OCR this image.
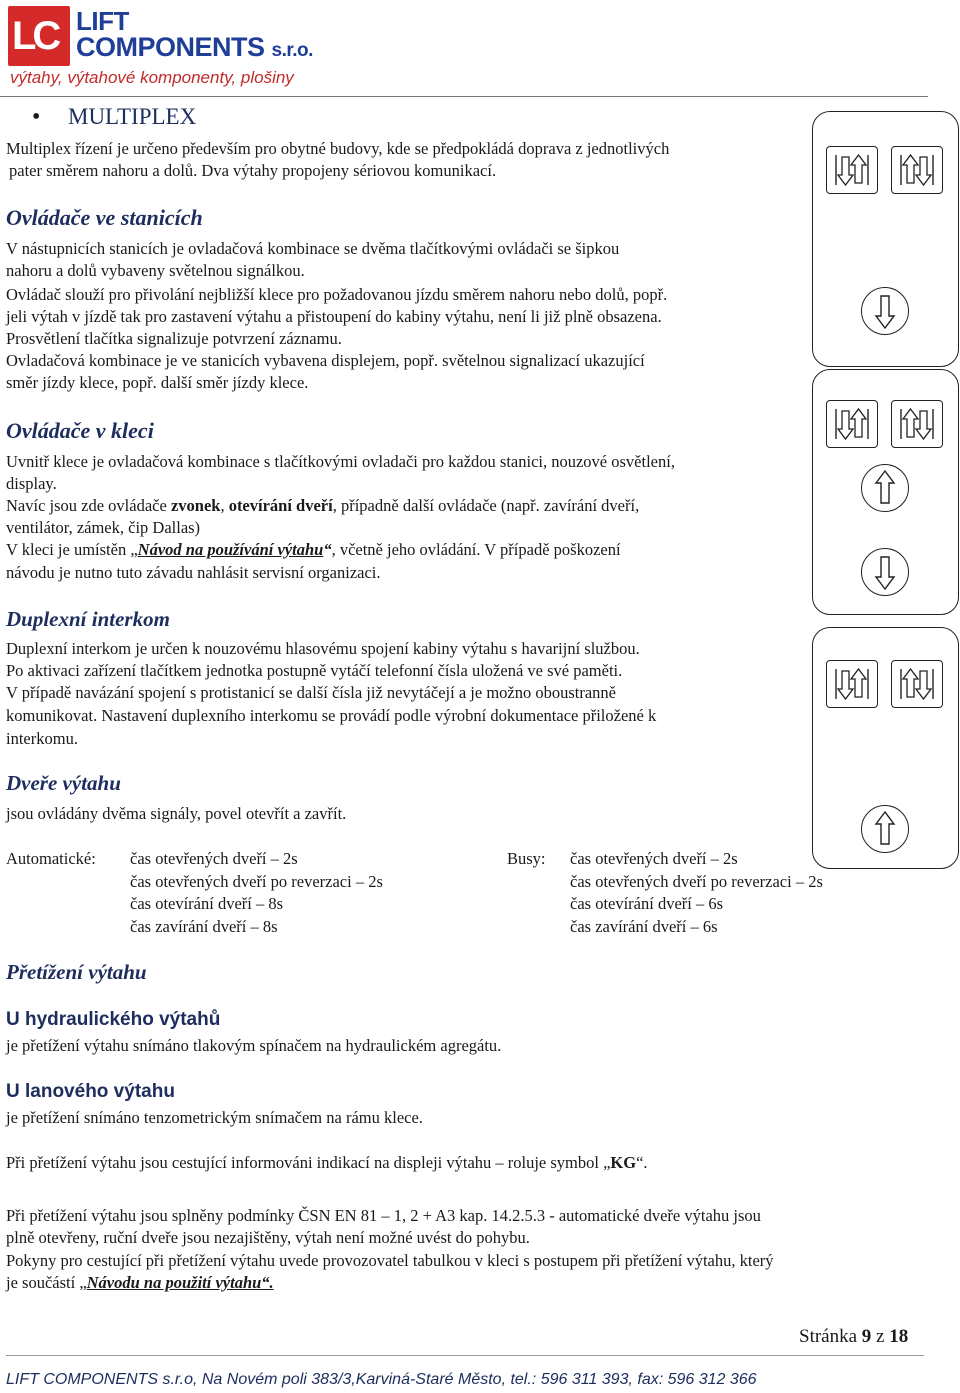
LC LIFT
COMPONENTS s.r.o.
výtahy, výtahové komponenty, plošiny
• MULTIPLEX

Multiplex řízení je určeno především pro obytné budovy, kde se předpokládá doprava z jednotlivých

pater směrem nahoru a dolů. Dva výtahy propojeny sériovou komunikací.

Ovládače ve stanicích

V nástupnicích stanicích je ovladačová kombinace se dvěma tlačítkovými ovládači se šipkou

nahoru a dolů vybaveny světelnou signálkou.

Ovládač slouží pro přivolání nejbližší klece pro požadovanou jízdu směrem nahoru nebo dolů, popř.

jeli výtah v jízdě tak pro zastavení výtahu a přistoupení do kabiny výtahu, není li již plně obsazena.

Prosvětlení tlačítka signalizuje potvrzení záznamu.

Ovladačová kombinace je ve stanicích vybavena displejem, popř. světelnou signalizací ukazující

směr jízdy klece, popř. další směr jízdy klece.

Ovládače v kleci

Uvnitř klece je ovladačová kombinace s tlačítkovými ovladači pro každou stanici, nouzové osvětlení,

display.

Navíc jsou zde ovládače zvonek, otevírání dveří, případně další ovládače (např. zavírání dveří,

ventilátor, zámek, čip Dallas)

V kleci je umístěn „Návod na používání výtahu“, včetně jeho ovládání. V případě poškození

návodu je nutno tuto závadu nahlásit servisní organizaci.

Duplexní interkom

Duplexní interkom je určen k nouzovému hlasovému spojení kabiny výtahu s havarijní službou.

Po aktivaci zařízení tlačítkem jednotka postupně vytáčí telefonní čísla uložená ve své paměti.

V případě navázání spojení s protistanicí se další čísla již nevytáčejí a je možno oboustranně

komunikovat. Nastavení duplexního interkomu se provádí podle výrobní dokumentace přiložené k

interkomu.

Dveře výtahu

jsou ovládány dvěma signály, povel otevřít a zavřít.

Automatické: čas otevřených dveří – 2s
čas otevřených dveří po reverzaci – 2s
čas otevírání dveří – 8s
čas zavírání dveří – 8s
Busy: čas otevřených dveří – 2s
čas otevřených dveří po reverzaci – 2s
čas otevírání dveří – 6s
čas zavírání dveří – 6s
Přetížení výtahu
U hydraulického výtahů

je přetížení výtahu snímáno tlakovým spínačem na hydraulickém agregátu.

U lanového výtahu

je přetížení snímáno tenzometrickým snímačem na rámu klece.

Při přetížení výtahu jsou cestující informováni indikací na displeji výtahu – roluje symbol „KG“.

Při přetížení výtahu jsou splněny podmínky ČSN EN 81 – 1, 2 + A3 kap. 14.2.5.3 - automatické dveře výtahu jsou

plně otevřeny, ruční dveře jsou nezajištěny, výtah není možné uvést do pohybu.

Pokyny pro cestující při přetížení výtahu uvede provozovatel tabulkou v kleci s postupem při přetížení výtahu, který

je součástí „Návodu na použití výtahu“.

Stránka 9 z 18
LIFT COMPONENTS s.r.o, Na Novém poli 383/3,Karviná-Staré Město, tel.: 596 311 393, fax: 596 312 366
